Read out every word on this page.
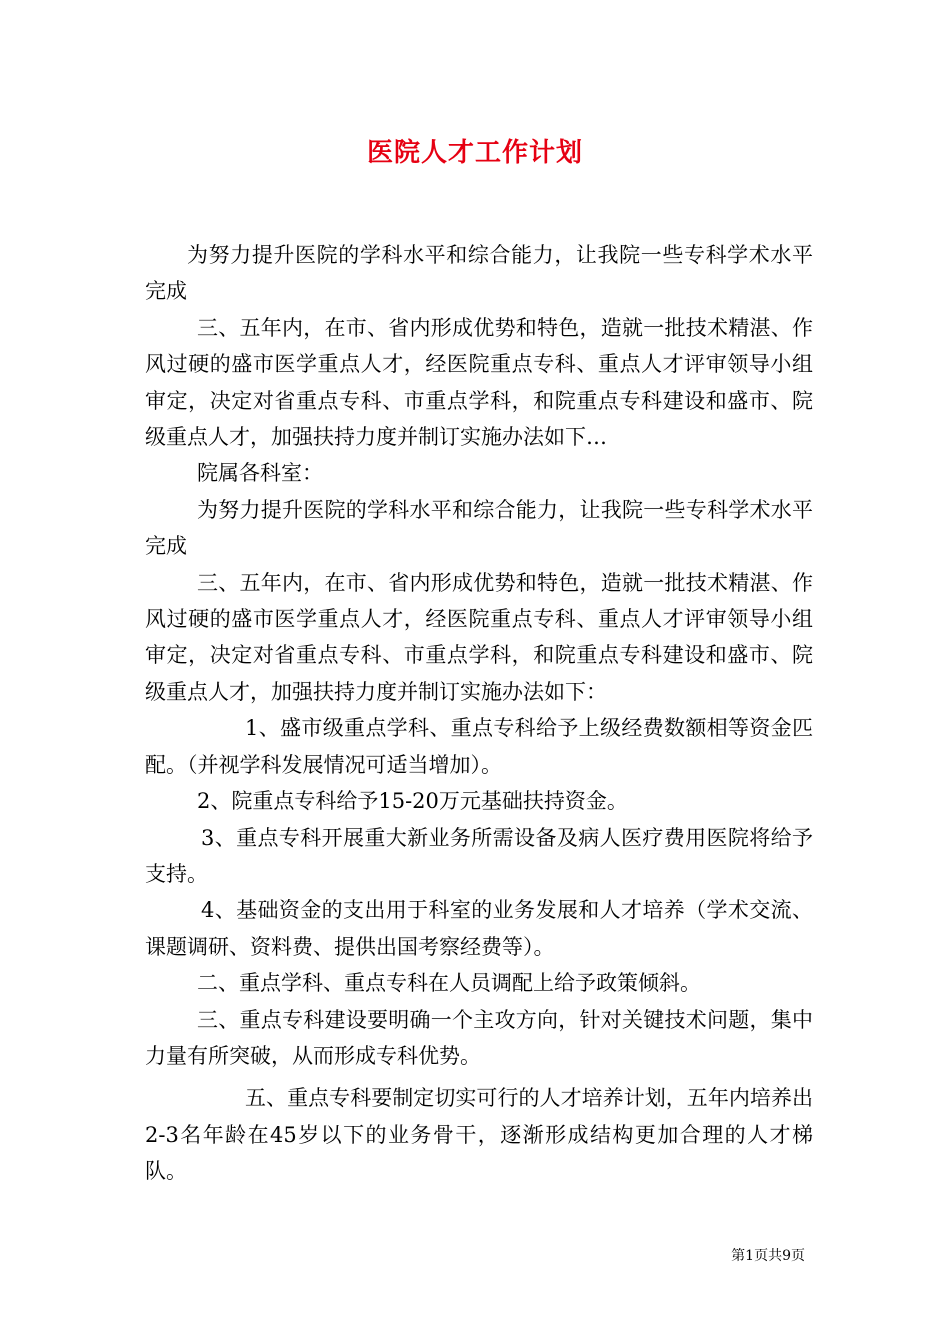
医院人才工作计划

为努力提升医院的学科水平和综合能力，让我院一些专科学术水平完成

三、五年内，在市、省内形成优势和特色，造就一批技术精湛、作风过硬的盛市医学重点人才，经医院重点专科、重点人才评审领导小组审定，决定对省重点专科、市重点学科，和院重点专科建设和盛市、院级重点人才，加强扶持力度并制订实施办法如下…

院属各科室：

为努力提升医院的学科水平和综合能力，让我院一些专科学术水平完成

三、五年内，在市、省内形成优势和特色，造就一批技术精湛、作风过硬的盛市医学重点人才，经医院重点专科、重点人才评审领导小组审定，决定对省重点专科、市重点学科，和院重点专科建设和盛市、院级重点人才，加强扶持力度并制订实施办法如下：

1、盛市级重点学科、重点专科给予上级经费数额相等资金匹配。（并视学科发展情况可适当增加）。

2、院重点专科给予15-20万元基础扶持资金。

3、重点专科开展重大新业务所需设备及病人医疗费用医院将给予支持。

4、基础资金的支出用于科室的业务发展和人才培养（学术交流、课题调研、资料费、提供出国考察经费等）。

二、重点学科、重点专科在人员调配上给予政策倾斜。

三、重点专科建设要明确一个主攻方向，针对关键技术问题，集中力量有所突破，从而形成专科优势。

五、重点专科要制定切实可行的人才培养计划，五年内培养出2-3名年龄在45岁以下的业务骨干，逐渐形成结构更加合理的人才梯队。

第1页共9页
